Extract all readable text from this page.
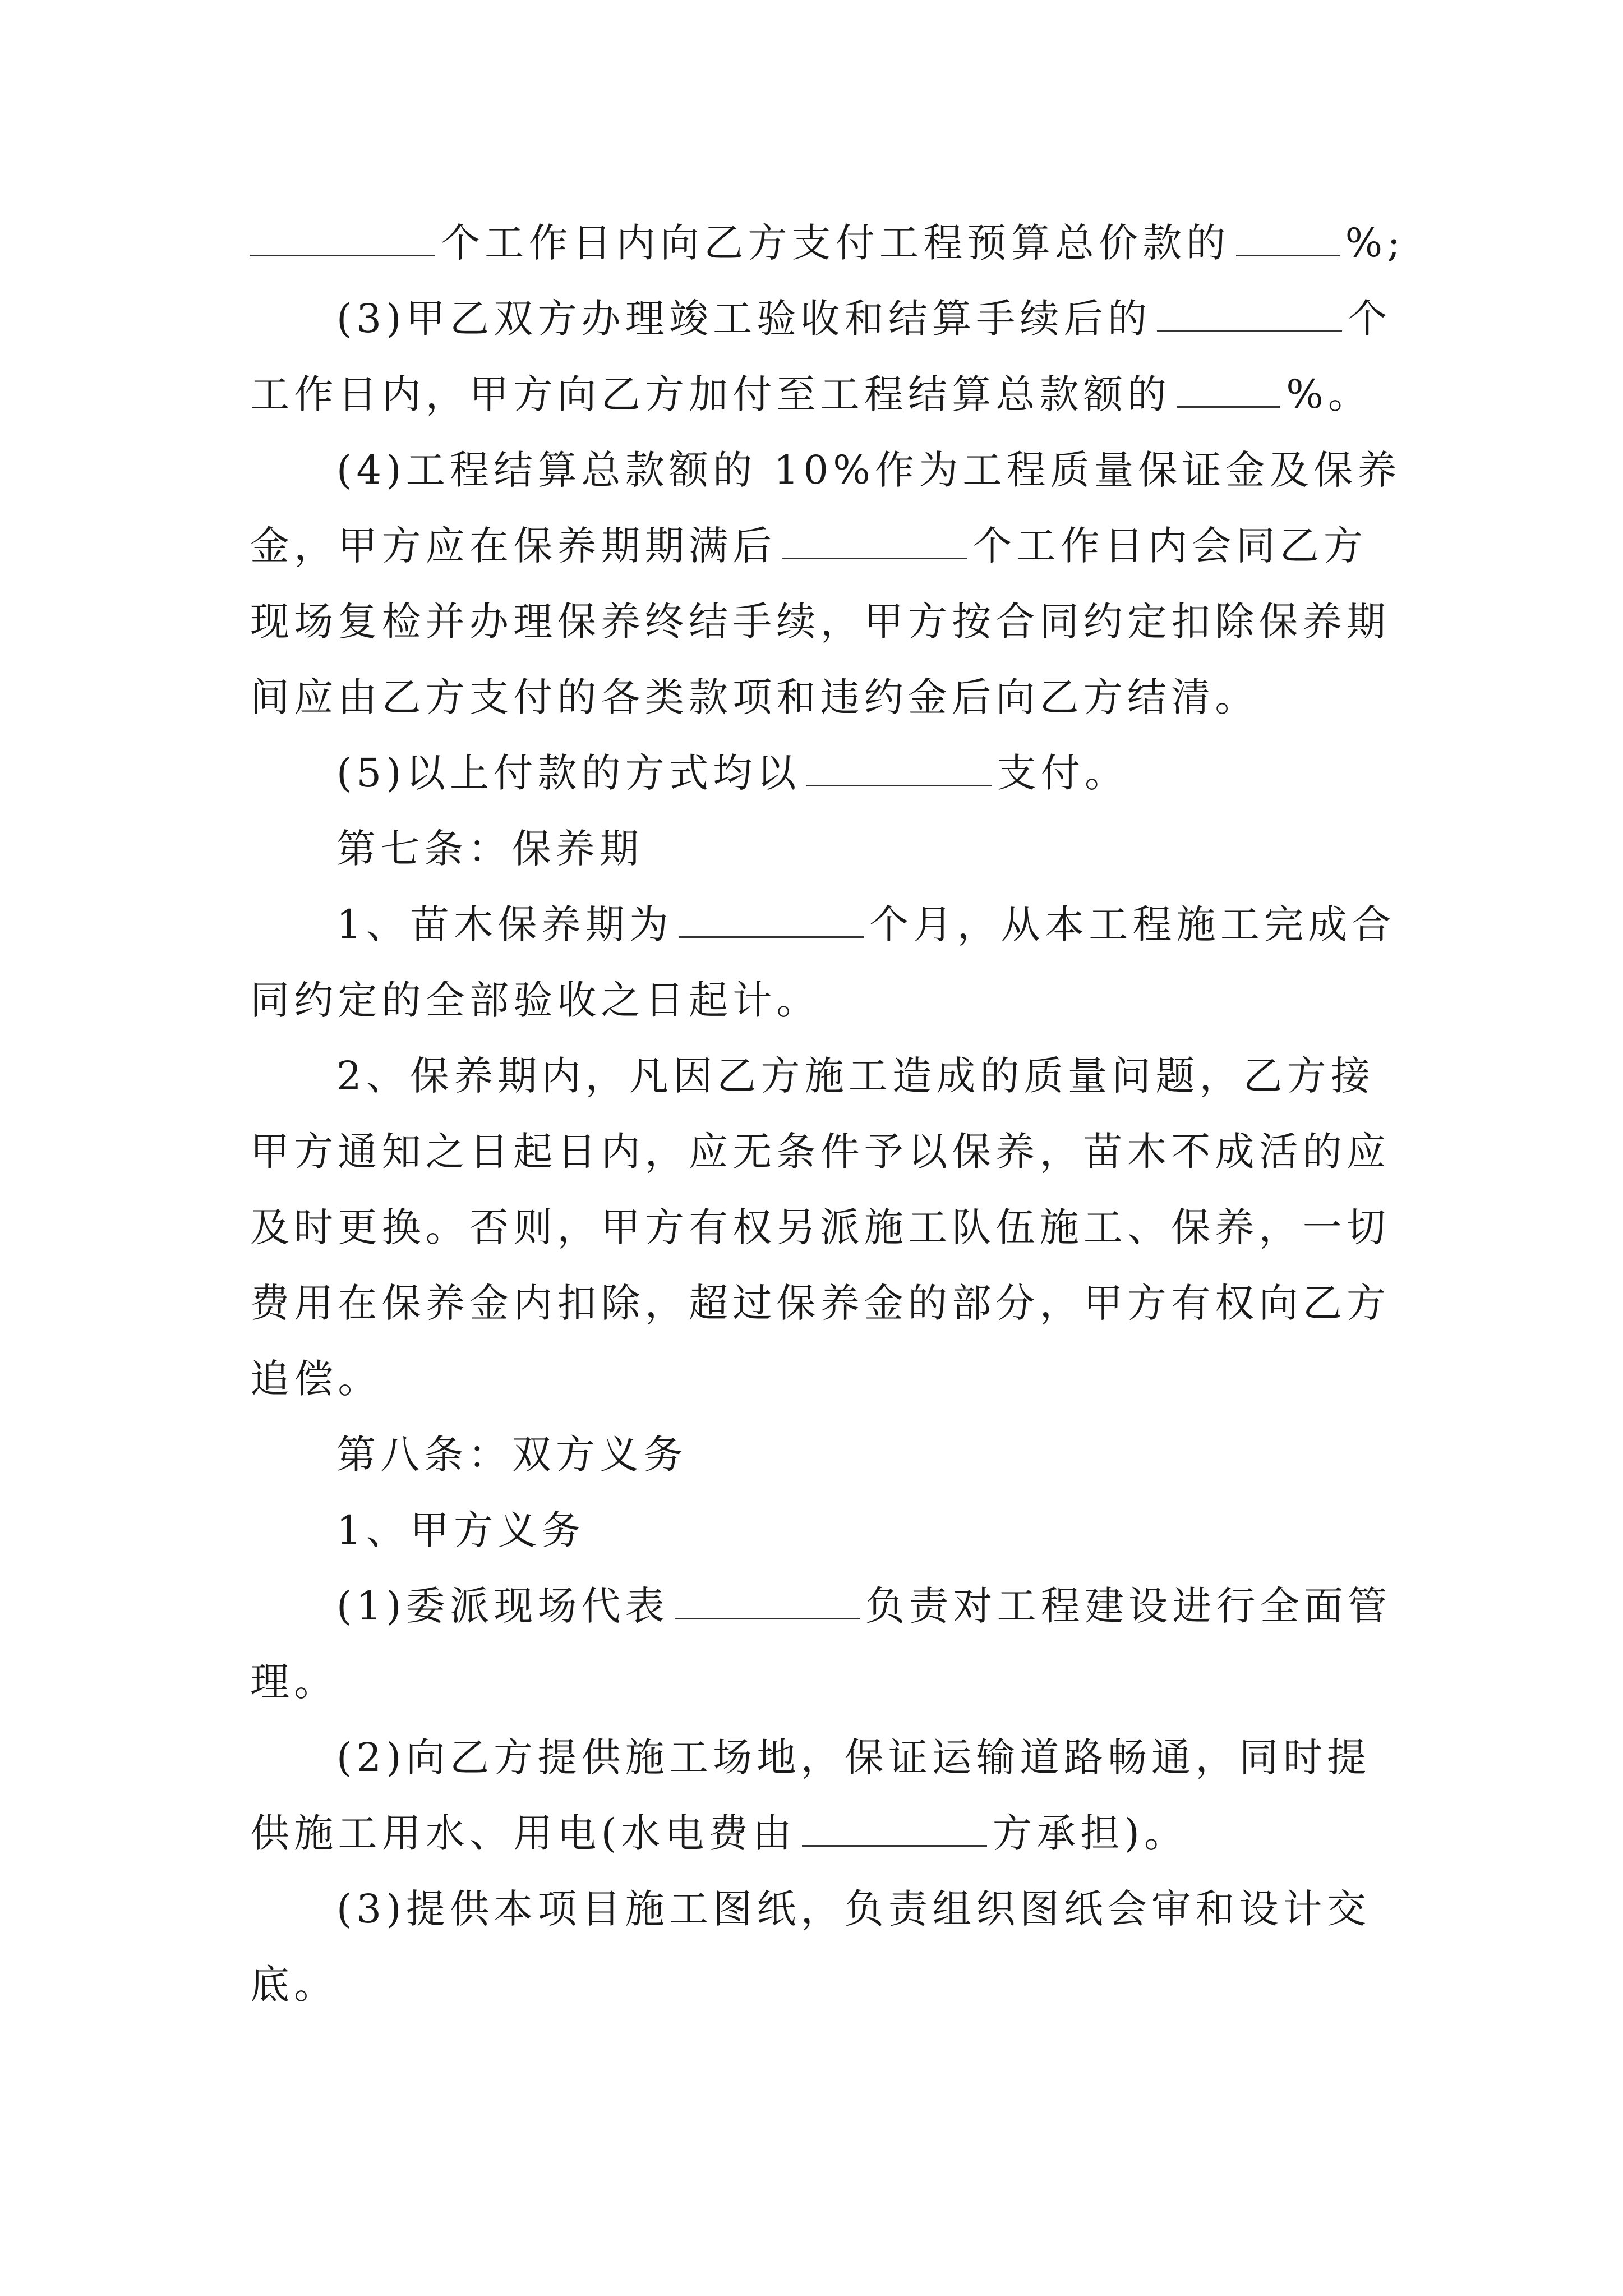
个工作日内向乙方支付工程预算总价款的	%;
(3)甲乙双方办理竣工验收和结算手续后的	个
工作日内，甲方向乙方加付至工程结算总款额的	%。
(4)工程结算总款额的 10%作为工程质量保证金及保养
金，甲方应在保养期期满后	个工作日内会同乙方
现场复检并办理保养终结手续，甲方按合同约定扣除保养期
间应由乙方支付的各类款项和违约金后向乙方结清。
(5)以上付款的方式均以	支付。
第七条：保养期
1、苗木保养期为	个月，从本工程施工完成合
同约定的全部验收之日起计。
2、保养期内，凡因乙方施工造成的质量问题，乙方接
甲方通知之日起日内，应无条件予以保养，苗木不成活的应
及时更换。否则，甲方有权另派施工队伍施工、保养，一切
费用在保养金内扣除，超过保养金的部分，甲方有权向乙方
追偿。
第八条：双方义务
1、甲方义务
(1)委派现场代表	负责对工程建设进行全面管
理。
(2)向乙方提供施工场地，保证运输道路畅通，同时提
供施工用水、用电(水电费由	方承担)。
(3)提供本项目施工图纸，负责组织图纸会审和设计交
底。
